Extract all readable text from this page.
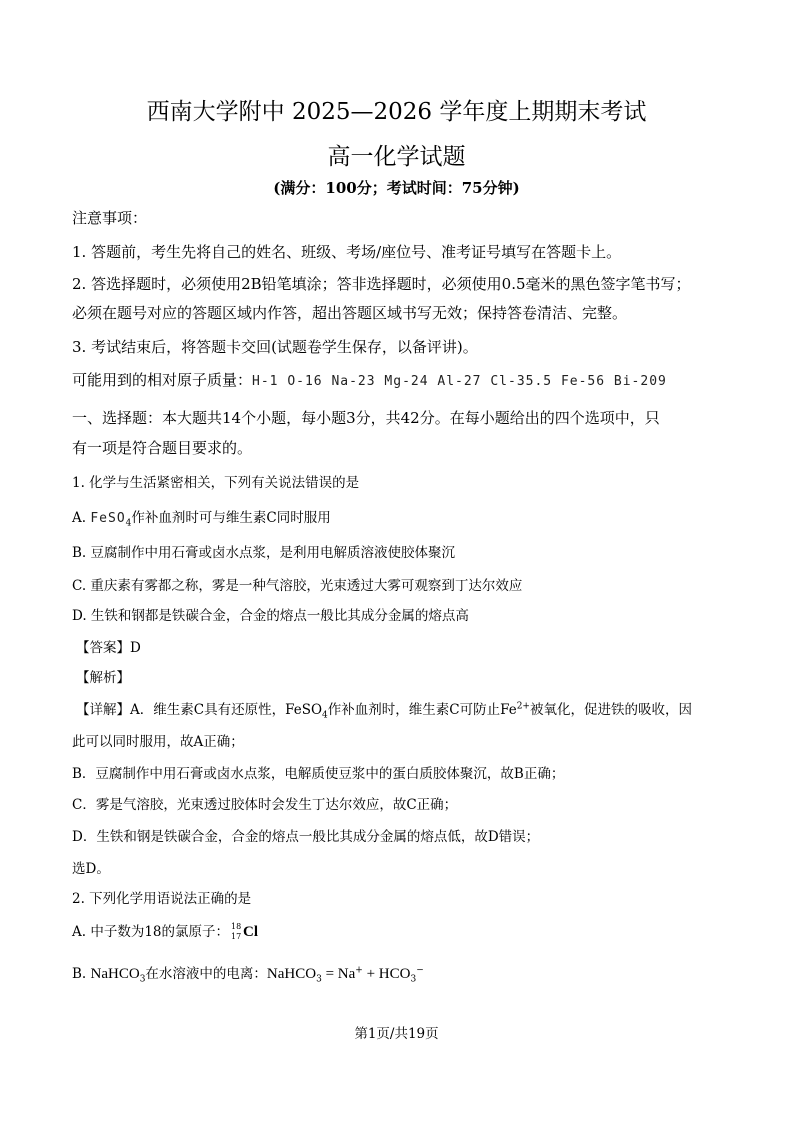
西南大学附中 2025—2026 学年度上期期末考试
高一化学试题
(满分：100分；考试时间：75分钟)
注意事项：
1. 答题前，考生先将自己的姓名、班级、考场/座位号、准考证号填写在答题卡上。
2. 答选择题时，必须使用2B铅笔填涂；答非选择题时，必须使用0.5毫米的黑色签字笔书写；
必须在题号对应的答题区域内作答，超出答题区域书写无效；保持答卷清洁、完整。
3. 考试结束后，将答题卡交回(试题卷学生保存，以备评讲)。
可能用到的相对原子质量：H-1 O-16 Na-23 Mg-24 Al-27 Cl-35.5 Fe-56 Bi-209
一、选择题：本大题共14个小题，每小题3分，共42分。在每小题给出的四个选项中，只
有一项是符合题目要求的。
1. 化学与生活紧密相关，下列有关说法错误的是
A. FeSO$_4$作补血剂时可与维生素C同时服用
B. 豆腐制作中用石膏或卤水点浆，是利用电解质溶液使胶体聚沉
C. 重庆素有雾都之称，雾是一种气溶胶，光束透过大雾可观察到丁达尔效应
D. 生铁和钢都是铁碳合金，合金的熔点一般比其成分金属的熔点高
【答案】D
【解析】
【详解】A．维生素C具有还原性，FeSO$_4$作补血剂时，维生素C可防止$Fe^{2+}$被氧化，促进铁的吸收，因
此可以同时服用，故A正确；
B．豆腐制作中用石膏或卤水点浆，电解质使豆浆中的蛋白质胶体聚沉，故B正确；
C．雾是气溶胶，光束透过胶体时会发生丁达尔效应，故C正确；
D．生铁和钢是铁碳合金，合金的熔点一般比其成分金属的熔点低，故D错误；
选D。
2. 下列化学用语说法正确的是
A. 中子数为18的氯原子： 18
17 Cl
B. NaHCO$_3$在水溶液中的电离：NaHCO$_3$ = $Na^+ + HCO_3^-$
第1页/共19页
